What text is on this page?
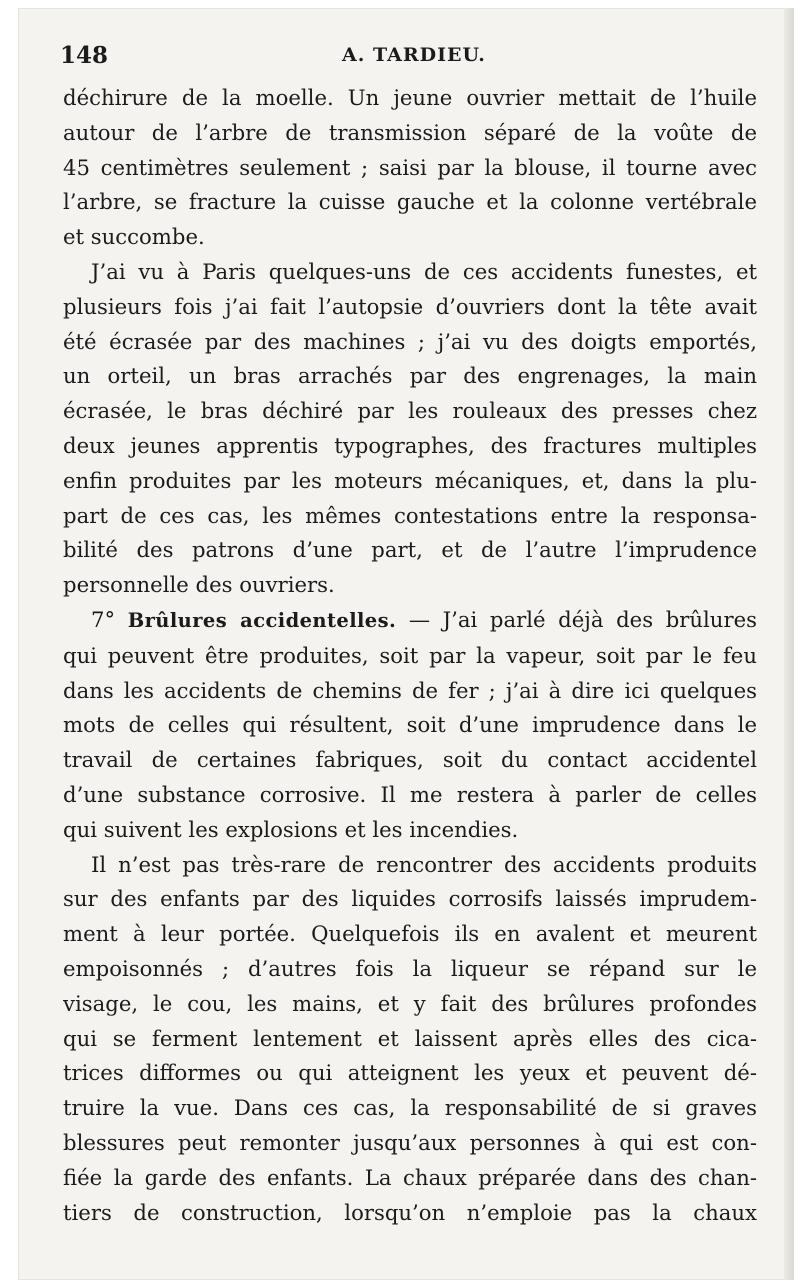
148	A. TARDIEU.

déchirure de la moelle. Un jeune ouvrier mettait de l’huile
autour de l’arbre de transmission séparé de la voûte de
45 centimètres seulement ; saisi par la blouse, il tourne avec
l’arbre, se fracture la cuisse gauche et la colonne vertébrale
et succombe.

J’ai vu à Paris quelques-uns de ces accidents funestes, et
plusieurs fois j’ai fait l’autopsie d’ouvriers dont la tête avait
été écrasée par des machines ; j’ai vu des doigts emportés,
un orteil, un bras arrachés par des engrenages, la main
écrasée, le bras déchiré par les rouleaux des presses chez
deux jeunes apprentis typographes, des fractures multiples
enfin produites par les moteurs mécaniques, et, dans la plu-
part de ces cas, les mêmes contestations entre la responsa-
bilité des patrons d’une part, et de l’autre l’imprudence
personnelle des ouvriers.

7° Brûlures accidentelles. — J’ai parlé déjà des brûlures
qui peuvent être produites, soit par la vapeur, soit par le feu
dans les accidents de chemins de fer ; j’ai à dire ici quelques
mots de celles qui résultent, soit d’une imprudence dans le
travail de certaines fabriques, soit du contact accidentel
d’une substance corrosive. Il me restera à parler de celles
qui suivent les explosions et les incendies.

Il n’est pas très-rare de rencontrer des accidents produits
sur des enfants par des liquides corrosifs laissés imprudem-
ment à leur portée. Quelquefois ils en avalent et meurent
empoisonnés ; d’autres fois la liqueur se répand sur le
visage, le cou, les mains, et y fait des brûlures profondes
qui se ferment lentement et laissent après elles des cica-
trices difformes ou qui atteignent les yeux et peuvent dé-
truire la vue. Dans ces cas, la responsabilité de si graves
blessures peut remonter jusqu’aux personnes à qui est con-
fiée la garde des enfants. La chaux préparée dans des chan-
tiers de construction, lorsqu’on n’emploie pas la chaux
